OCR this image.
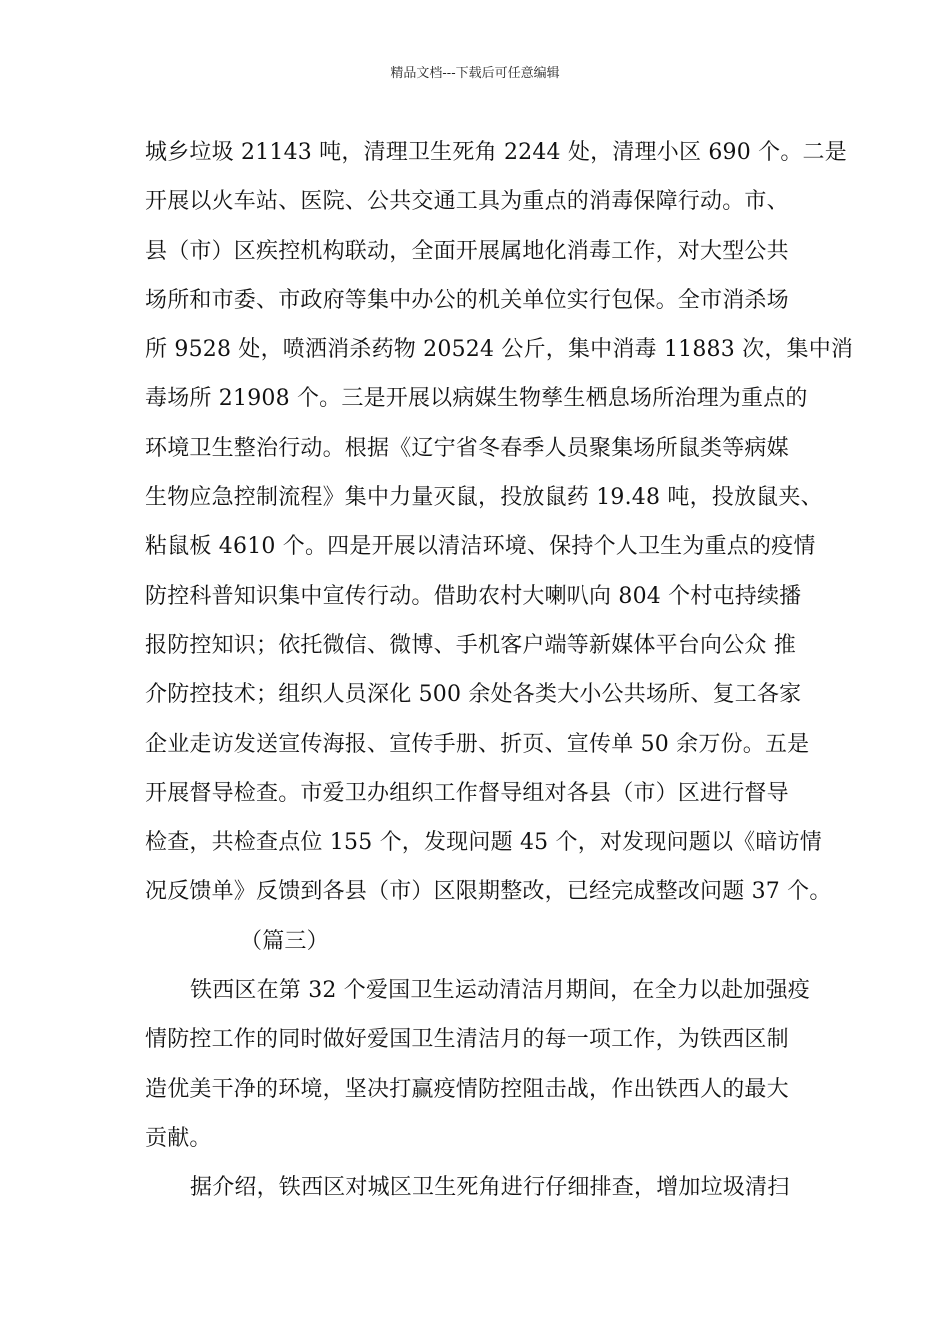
精品文档---下载后可任意编辑
城乡垃圾 21143 吨，清理卫生死角 2244 处，清理小区 690 个。二是
开展以火车站、医院、公共交通工具为重点的消毒保障行动。市、
县（市）区疾控机构联动，全面开展属地化消毒工作，对大型公共
场所和市委、市政府等集中办公的机关单位实行包保。全市消杀场
所 9528 处，喷洒消杀药物 20524 公斤，集中消毒 11883 次，集中消
毒场所 21908 个。三是开展以病媒生物孳生栖息场所治理为重点的
环境卫生整治行动。根据《辽宁省冬春季人员聚集场所鼠类等病媒
生物应急控制流程》集中力量灭鼠，投放鼠药 19.48 吨，投放鼠夹、
粘鼠板 4610 个。四是开展以清洁环境、保持个人卫生为重点的疫情
防控科普知识集中宣传行动。借助农村大喇叭向 804 个村屯持续播
报防控知识；依托微信、微博、手机客户端等新媒体平台向公众 推
介防控技术；组织人员深化 500 余处各类大小公共场所、复工各家
企业走访发送宣传海报、宣传手册、折页、宣传单 50 余万份。五是
开展督导检查。市爱卫办组织工作督导组对各县（市）区进行督导
检查，共检查点位 155 个，发现问题 45 个，对发现问题以《暗访情
况反馈单》反馈到各县（市）区限期整改，已经完成整改问题 37 个。
（篇三）
铁西区在第 32 个爱国卫生运动清洁月期间，在全力以赴加强疫
情防控工作的同时做好爱国卫生清洁月的每一项工作，为铁西区制
造优美干净的环境，坚决打赢疫情防控阻击战，作出铁西人的最大
贡献。
据介绍，铁西区对城区卫生死角进行仔细排查，增加垃圾清扫
